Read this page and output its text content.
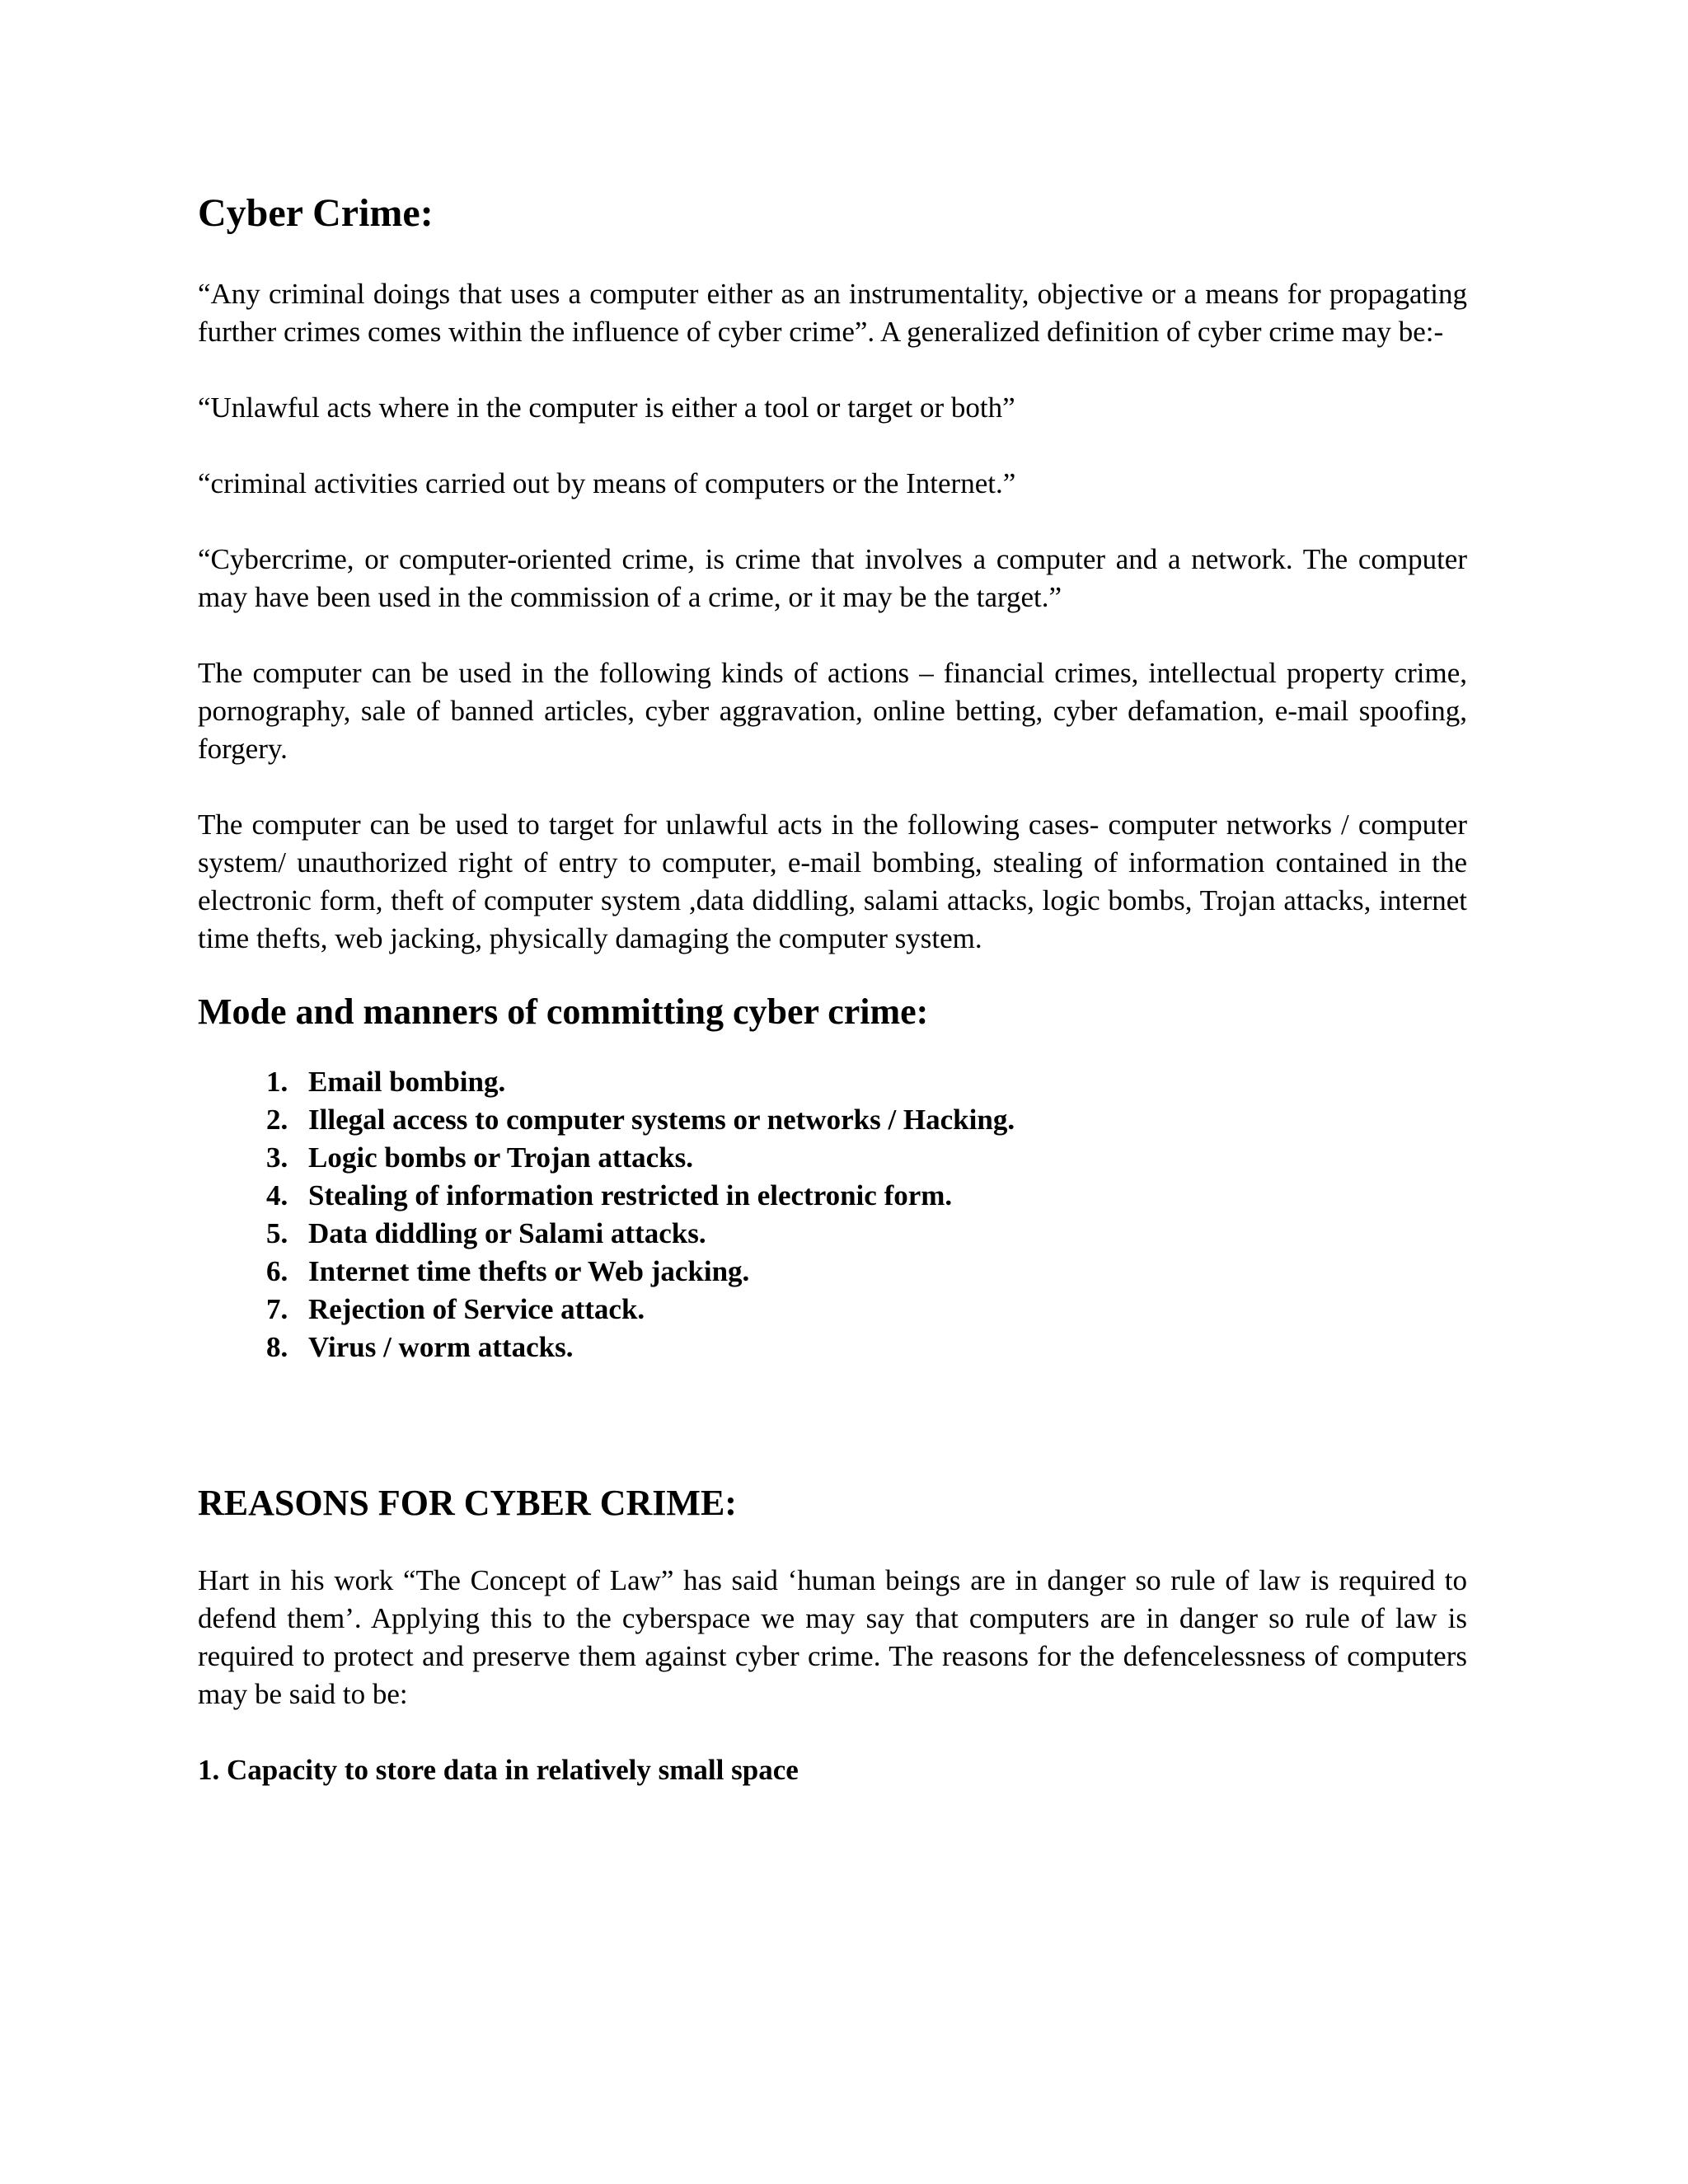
Cyber Crime:

“Any criminal doings that uses a computer either as an instrumentality, objective or a means for propagating further crimes comes within the influence of cyber crime”. A generalized definition of cyber crime may be:-

“Unlawful acts where in the computer is either a tool or target or both”

“criminal activities carried out by means of computers or the Internet.”

“Cybercrime, or computer-oriented crime, is crime that involves a computer and a network. The computer may have been used in the commission of a crime, or it may be the target.”

The computer can be used in the following kinds of actions – financial crimes, intellectual property crime, pornography, sale of banned articles, cyber aggravation, online betting, cyber defamation, e-mail spoofing, forgery.

The computer can be used to target for unlawful acts in the following cases- computer networks / computer system/ unauthorized right of entry to computer, e-mail bombing, stealing of information contained in the electronic form, theft of computer system ,data diddling, salami attacks, logic bombs, Trojan attacks, internet time thefts, web jacking, physically damaging the computer system.

Mode and manners of committing cyber crime:
1. Email bombing.
2. Illegal access to computer systems or networks / Hacking.
3. Logic bombs or Trojan attacks.
4. Stealing of information restricted in electronic form.
5. Data diddling or Salami attacks.
6. Internet time thefts or Web jacking.
7. Rejection of Service attack.
8. Virus / worm attacks.
REASONS FOR CYBER CRIME:

Hart in his work “The Concept of Law” has said ‘human beings are in danger so rule of law is required to defend them’. Applying this to the cyberspace we may say that computers are in danger so rule of law is required to protect and preserve them against cyber crime. The reasons for the defencelessness of computers may be said to be:

1. Capacity to store data in relatively small space
